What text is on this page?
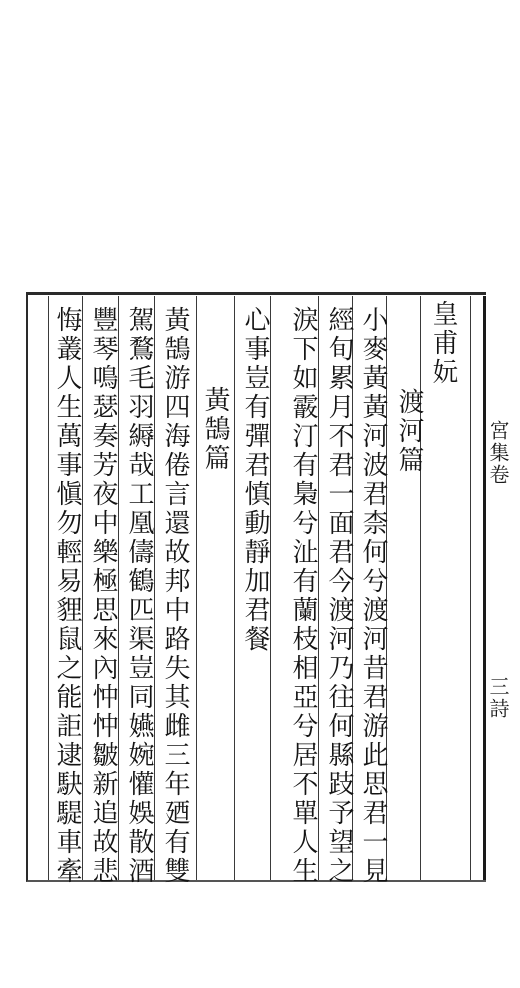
皇甫妧
渡河篇
小麥黃黃河波君柰何兮渡河昔君游此思君一見
經旬累月不君一面君今渡河乃往何縣跂予望之
淚下如霰汀有梟兮沚有蘭枝相亞兮居不單人生
心事豈有彈君慎動靜加君餐
黃鵠篇
黃鵠游四海倦言還故邦中路失其雌三年廼有雙
駕鶩毛羽縟哉工凰儔鶴匹渠豈同嬿婉懽娛散酒
豐琴鳴瑟奏芳夜中樂極思來內忡忡皺新追故悲
悔叢人生萬事愼勿輕易貍鼠之能詎逮駃騠車牽	宮集卷
三詩
